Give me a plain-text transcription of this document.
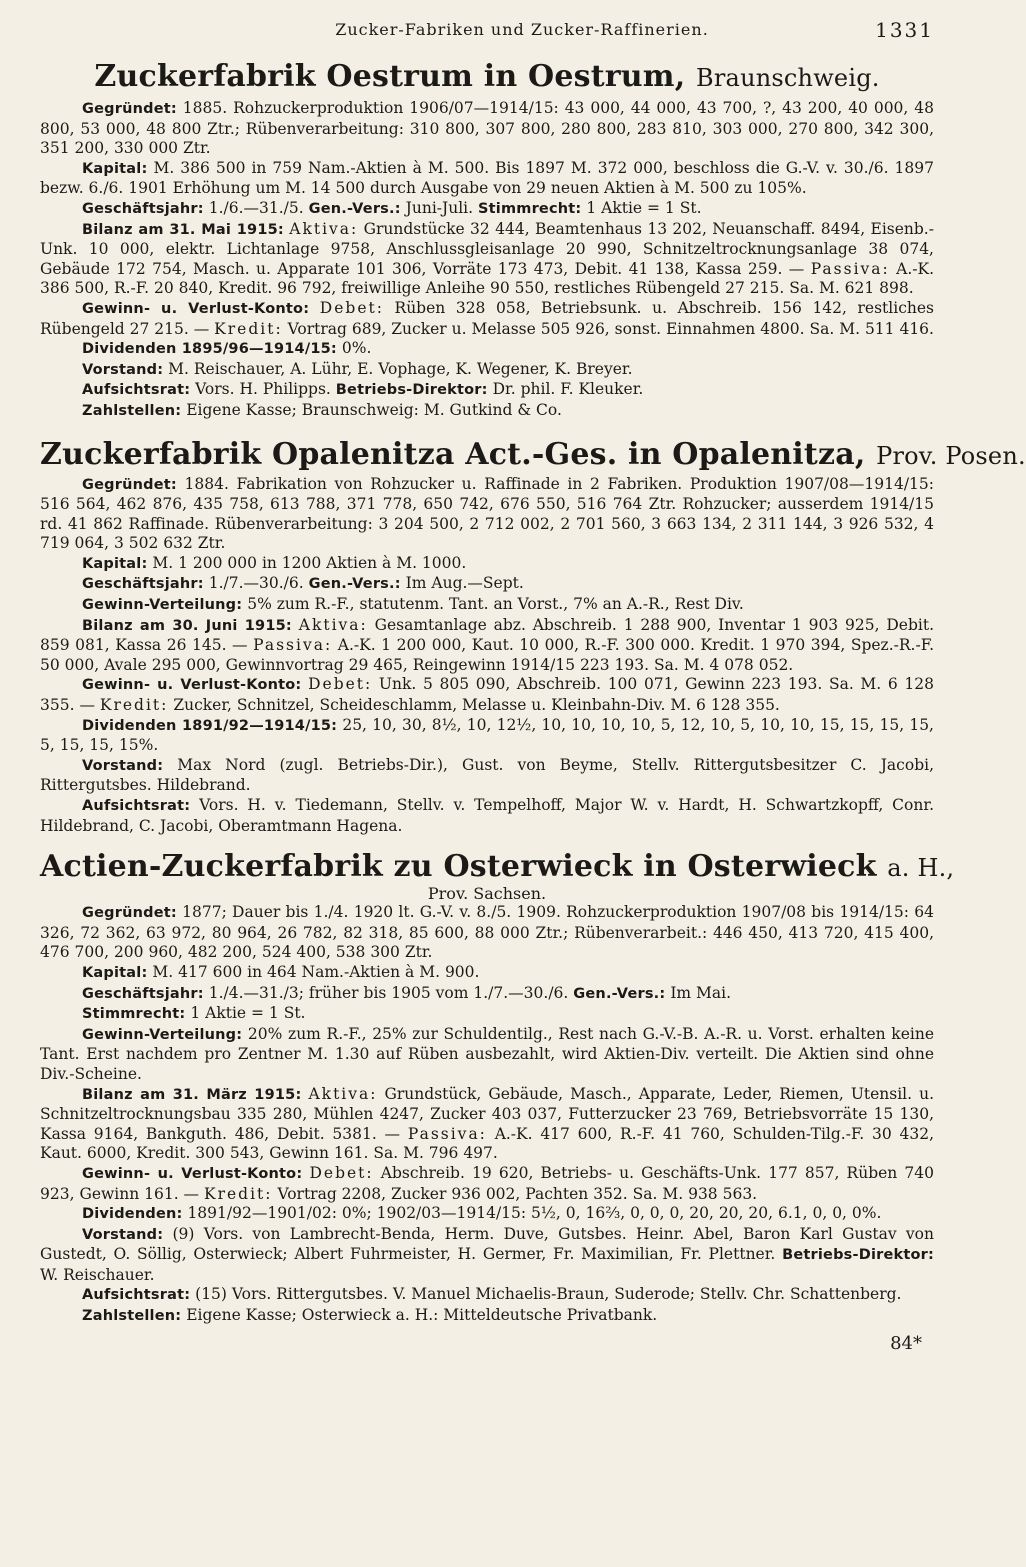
Zucker-Fabriken und Zucker-Raffinerien.	1331
Zuckerfabrik Oestrum in Oestrum, Braunschweig.

Gegründet: 1885. Rohzuckerproduktion 1906/07—1914/15: 43 000, 44 000, 43 700, ?, 43 200, 40 000, 48 800, 53 000, 48 800 Ztr.; Rübenverarbeitung: 310 800, 307 800, 280 800, 283 810, 303 000, 270 800, 342 300, 351 200, 330 000 Ztr.

Kapital: M. 386 500 in 759 Nam.-Aktien à M. 500. Bis 1897 M. 372 000, beschloss die G.-V. v. 30./6. 1897 bezw. 6./6. 1901 Erhöhung um M. 14 500 durch Ausgabe von 29 neuen Aktien à M. 500 zu 105%.

Geschäftsjahr: 1./6.—31./5. Gen.-Vers.: Juni-Juli. Stimmrecht: 1 Aktie = 1 St.

Bilanz am 31. Mai 1915: Aktiva: Grundstücke 32 444, Beamtenhaus 13 202, Neuanschaff. 8494, Eisenb.-Unk. 10 000, elektr. Lichtanlage 9758, Anschlussgleisanlage 20 990, Schnitzeltrocknungsanlage 38 074, Gebäude 172 754, Masch. u. Apparate 101 306, Vorräte 173 473, Debit. 41 138, Kassa 259. — Passiva: A.-K. 386 500, R.-F. 20 840, Kredit. 96 792, freiwillige Anleihe 90 550, restliches Rübengeld 27 215. Sa. M. 621 898.

Gewinn- u. Verlust-Konto: Debet: Rüben 328 058, Betriebsunk. u. Abschreib. 156 142, restliches Rübengeld 27 215. — Kredit: Vortrag 689, Zucker u. Melasse 505 926, sonst. Einnahmen 4800. Sa. M. 511 416.

Dividenden 1895/96—1914/15: 0%.

Vorstand: M. Reischauer, A. Lühr, E. Vophage, K. Wegener, K. Breyer.

Aufsichtsrat: Vors. H. Philipps. Betriebs-Direktor: Dr. phil. F. Kleuker.

Zahlstellen: Eigene Kasse; Braunschweig: M. Gutkind & Co.

Zuckerfabrik Opalenitza Act.-Ges. in Opalenitza, Prov. Posen.

Gegründet: 1884. Fabrikation von Rohzucker u. Raffinade in 2 Fabriken. Produktion 1907/08—1914/15: 516 564, 462 876, 435 758, 613 788, 371 778, 650 742, 676 550, 516 764 Ztr. Rohzucker; ausserdem 1914/15 rd. 41 862 Raffinade. Rübenverarbeitung: 3 204 500, 2 712 002, 2 701 560, 3 663 134, 2 311 144, 3 926 532, 4 719 064, 3 502 632 Ztr.

Kapital: M. 1 200 000 in 1200 Aktien à M. 1000.

Geschäftsjahr: 1./7.—30./6. Gen.-Vers.: Im Aug.—Sept.

Gewinn-Verteilung: 5% zum R.-F., statutenm. Tant. an Vorst., 7% an A.-R., Rest Div.

Bilanz am 30. Juni 1915: Aktiva: Gesamtanlage abz. Abschreib. 1 288 900, Inventar 1 903 925, Debit. 859 081, Kassa 26 145. — Passiva: A.-K. 1 200 000, Kaut. 10 000, R.-F. 300 000. Kredit. 1 970 394, Spez.-R.-F. 50 000, Avale 295 000, Gewinnvortrag 29 465, Reingewinn 1914/15 223 193. Sa. M. 4 078 052.

Gewinn- u. Verlust-Konto: Debet: Unk. 5 805 090, Abschreib. 100 071, Gewinn 223 193. Sa. M. 6 128 355. — Kredit: Zucker, Schnitzel, Scheideschlamm, Melasse u. Kleinbahn-Div. M. 6 128 355.

Dividenden 1891/92—1914/15: 25, 10, 30, 8½, 10, 12½, 10, 10, 10, 10, 5, 12, 10, 5, 10, 10, 15, 15, 15, 15, 5, 15, 15, 15%.

Vorstand: Max Nord (zugl. Betriebs-Dir.), Gust. von Beyme, Stellv. Rittergutsbesitzer C. Jacobi, Rittergutsbes. Hildebrand.

Aufsichtsrat: Vors. H. v. Tiedemann, Stellv. v. Tempelhoff, Major W. v. Hardt, H. Schwartzkopff, Conr. Hildebrand, C. Jacobi, Oberamtmann Hagena.

Actien-Zuckerfabrik zu Osterwieck in Osterwieck a. H.,
Prov. Sachsen.

Gegründet: 1877; Dauer bis 1./4. 1920 lt. G.-V. v. 8./5. 1909. Rohzuckerproduktion 1907/08 bis 1914/15: 64 326, 72 362, 63 972, 80 964, 26 782, 82 318, 85 600, 88 000 Ztr.; Rübenverarbeit.: 446 450, 413 720, 415 400, 476 700, 200 960, 482 200, 524 400, 538 300 Ztr.

Kapital: M. 417 600 in 464 Nam.-Aktien à M. 900.

Geschäftsjahr: 1./4.—31./3; früher bis 1905 vom 1./7.—30./6. Gen.-Vers.: Im Mai.

Stimmrecht: 1 Aktie = 1 St.

Gewinn-Verteilung: 20% zum R.-F., 25% zur Schuldentilg., Rest nach G.-V.-B. A.-R. u. Vorst. erhalten keine Tant. Erst nachdem pro Zentner M. 1.30 auf Rüben ausbezahlt, wird Aktien-Div. verteilt. Die Aktien sind ohne Div.-Scheine.

Bilanz am 31. März 1915: Aktiva: Grundstück, Gebäude, Masch., Apparate, Leder, Riemen, Utensil. u. Schnitzeltrocknungsbau 335 280, Mühlen 4247, Zucker 403 037, Futterzucker 23 769, Betriebsvorräte 15 130, Kassa 9164, Bankguth. 486, Debit. 5381. — Passiva: A.-K. 417 600, R.-F. 41 760, Schulden-Tilg.-F. 30 432, Kaut. 6000, Kredit. 300 543, Gewinn 161. Sa. M. 796 497.

Gewinn- u. Verlust-Konto: Debet: Abschreib. 19 620, Betriebs- u. Geschäfts-Unk. 177 857, Rüben 740 923, Gewinn 161. — Kredit: Vortrag 2208, Zucker 936 002, Pachten 352. Sa. M. 938 563.

Dividenden: 1891/92—1901/02: 0%; 1902/03—1914/15: 5½, 0, 16⅔, 0, 0, 0, 20, 20, 20, 6.1, 0, 0, 0%.

Vorstand: (9) Vors. von Lambrecht-Benda, Herm. Duve, Gutsbes. Heinr. Abel, Baron Karl Gustav von Gustedt, O. Söllig, Osterwieck; Albert Fuhrmeister, H. Germer, Fr. Maximilian, Fr. Plettner. Betriebs-Direktor: W. Reischauer.

Aufsichtsrat: (15) Vors. Rittergutsbes. V. Manuel Michaelis-Braun, Suderode; Stellv. Chr. Schattenberg.

Zahlstellen: Eigene Kasse; Osterwieck a. H.: Mitteldeutsche Privatbank.

84*
